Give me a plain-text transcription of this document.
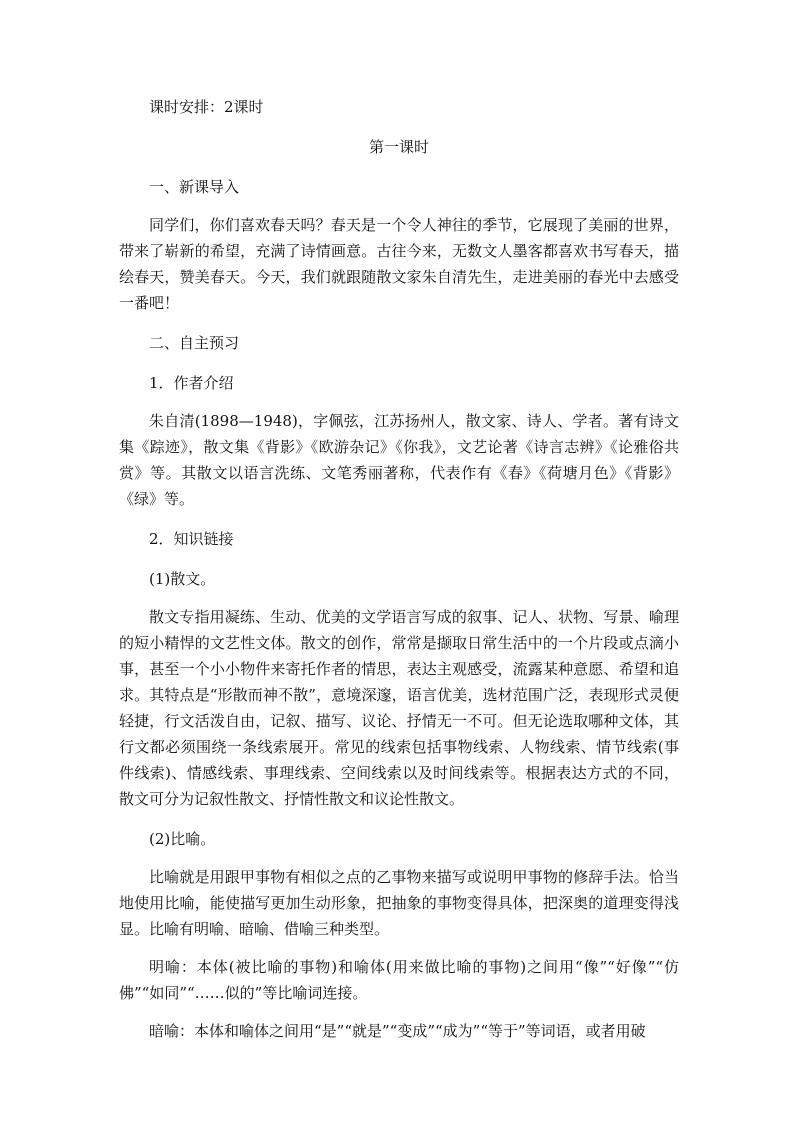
课时安排：2课时

第一课时

一、新课导入

同学们，你们喜欢春天吗？春天是一个令人神往的季节，它展现了美丽的世界，带来了崭新的希望，充满了诗情画意。古往今来，无数文人墨客都喜欢书写春天，描绘春天，赞美春天。今天，我们就跟随散文家朱自清先生，走进美丽的春光中去感受一番吧！

二、自主预习

1．作者介绍

朱自清(1898—1948)，字佩弦，江苏扬州人，散文家、诗人、学者。著有诗文集《踪迹》，散文集《背影》《欧游杂记》《你我》，文艺论著《诗言志辨》《论雅俗共赏》等。其散文以语言洗练、文笔秀丽著称，代表作有《春》《荷塘月色》《背影》《绿》等。

2．知识链接

(1)散文。

散文专指用凝练、生动、优美的文学语言写成的叙事、记人、状物、写景、喻理的短小精悍的文艺性文体。散文的创作，常常是撷取日常生活中的一个片段或点滴小事，甚至一个小小物件来寄托作者的情思，表达主观感受，流露某种意愿、希望和追求。其特点是“形散而神不散”，意境深邃，语言优美，选材范围广泛，表现形式灵便轻捷，行文活泼自由，记叙、描写、议论、抒情无一不可。但无论选取哪种文体，其行文都必须围绕一条线索展开。常见的线索包括事物线索、人物线索、情节线索(事件线索)、情感线索、事理线索、空间线索以及时间线索等。根据表达方式的不同，散文可分为记叙性散文、抒情性散文和议论性散文。

(2)比喻。

比喻就是用跟甲事物有相似之点的乙事物来描写或说明甲事物的修辞手法。恰当地使用比喻，能使描写更加生动形象，把抽象的事物变得具体，把深奥的道理变得浅显。比喻有明喻、暗喻、借喻三种类型。

明喻：本体(被比喻的事物)和喻体(用来做比喻的事物)之间用“像”“好像”“仿佛”“如同”“……似的”等比喻词连接。

暗喻：本体和喻体之间用“是”“就是”“变成”“成为”“等于”等词语，或者用破
